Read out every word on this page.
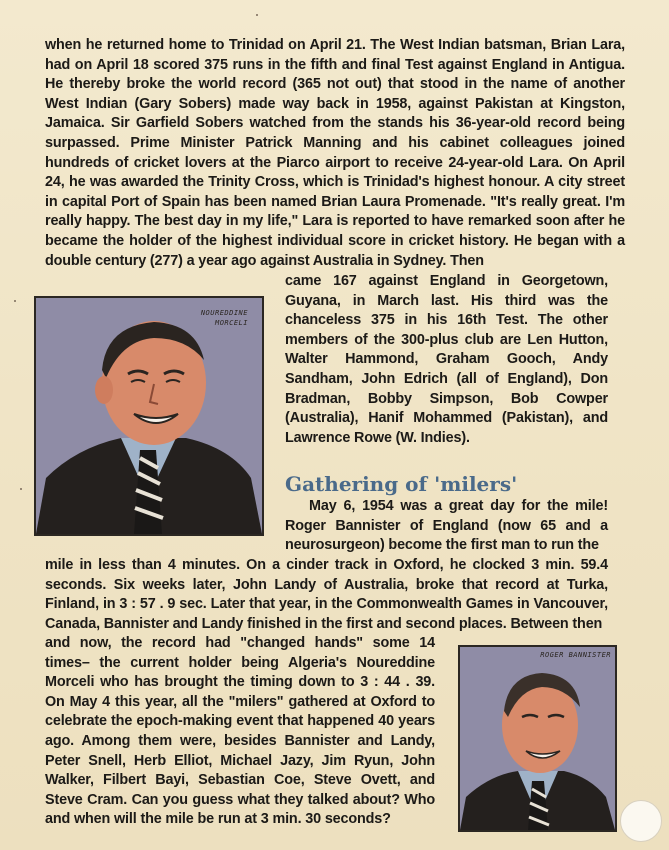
when he returned home to Trinidad on April 21. The West Indian batsman, Brian Lara, had on April 18 scored 375 runs in the fifth and final Test against England in Antigua. He thereby broke the world record (365 not out) that stood in the name of another West Indian (Gary Sobers) made way back in 1958, against Pakistan at Kingston, Jamaica. Sir Garfield Sobers watched from the stands his 36-year-old record being surpassed. Prime Minister Patrick Manning and his cabinet colleagues joined hundreds of cricket lovers at the Piarco airport to receive 24-year-old Lara. On April 24, he was awarded the Trinity Cross, which is Trinidad's highest honour. A city street in capital Port of Spain has been named Brian Laura Promenade. "It's really great. I'm really happy. The best day in my life," Lara is reported to have remarked soon after he became the holder of the highest individual score in cricket history. He began with a double century (277) a year ago against Australia in Sydney. Then

NOUREDDINE MORCELI

came 167 against England in Georgetown, Guyana, in March last. His third was the chanceless 375 in his 16th Test. The other members of the 300-plus club are Len Hutton, Walter Hammond, Graham Gooch, Andy Sandham, John Edrich (all of England), Don Bradman, Bobby Simpson, Bob Cowper (Australia), Hanif Mohammed (Pakistan), and Lawrence Rowe (W. Indies).

Gathering of 'milers'

May 6, 1954 was a great day for the mile! Roger Bannister of England (now 65 and a neurosurgeon) become the first man to run the

mile in less than 4 minutes. On a cinder track in Oxford, he clocked 3 min. 59.4 seconds. Six weeks later, John Landy of Australia, broke that record at Turka, Finland, in 3 : 57 . 9 sec. Later that year, in the Commonwealth Games in Vancouver, Canada, Bannister and Landy finished in the first and second places. Between then

and now, the record had "changed hands" some 14 times– the current holder being Algeria's Noureddine Morceli who has brought the timing down to 3 : 44 . 39. On May 4 this year, all the "milers" gathered at Oxford to celebrate the epoch-making event that happened 40 years ago. Among them were, besides Bannister and Landy, Peter Snell, Herb Elliot, Michael Jazy, Jim Ryun, John Walker, Filbert Bayi, Sebastian Coe, Steve Ovett, and Steve Cram. Can you guess what they talked about? Who and when will the mile be run at 3 min. 30 seconds?

ROGER BANNISTER
